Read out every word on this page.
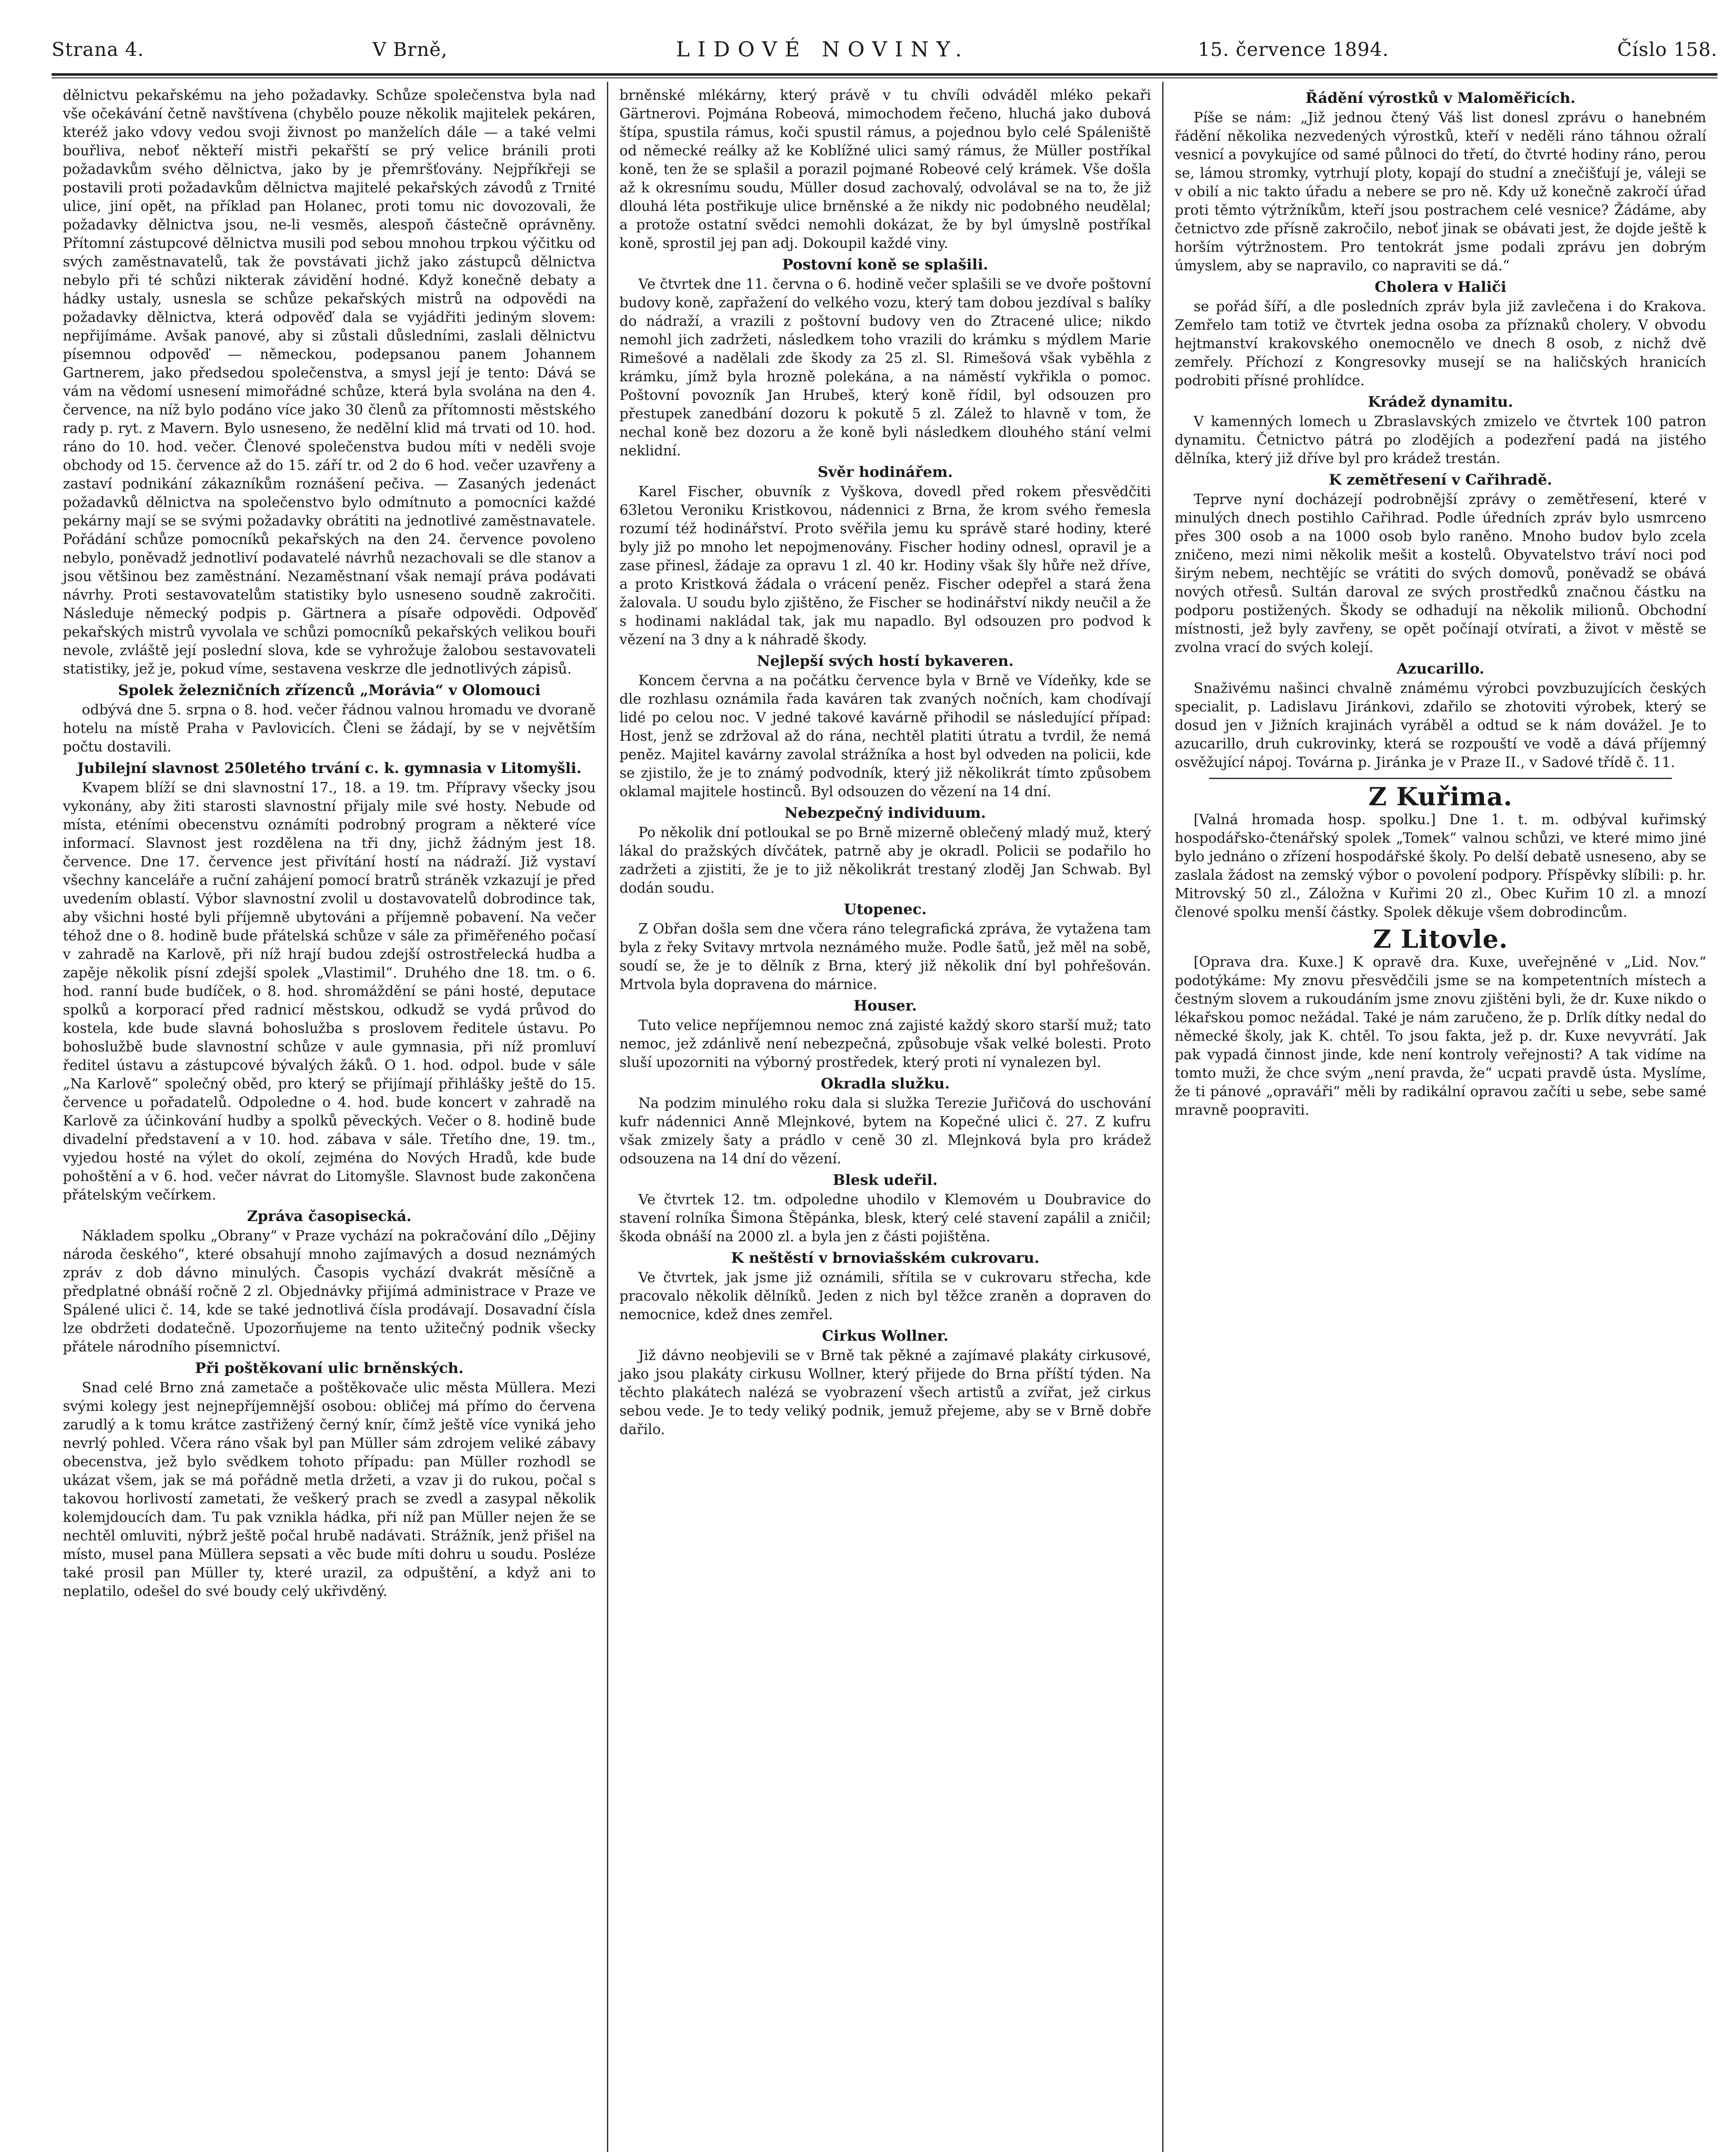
Strana 4.	V Brně,	LIDOVÉ NOVINY.	15. července 1894.	Číslo 158.

dělnictvu pekařskému na jeho požadavky. Schůze společenstva byla nad vše očekávání četně navštívena (chybělo pouze několik majitelek pekáren, kteréž jako vdovy vedou svoji živnost po manželích dále — a také velmi bouřliva, neboť někteří mistři pekařští se prý velice bránili proti požadavkům svého dělnictva, jako by je přemršťovány. Nejpříkřeji se postavili proti požadavkům dělnictva majitelé pekařských závodů z Trnité ulice, jiní opět, na příklad pan Holanec, proti tomu nic dovozovali, že požadavky dělnictva jsou, ne-li vesměs, alespoň částečně oprávněny. Přítomní zástupcové dělnictva musili pod sebou mnohou trpkou výčitku od svých zaměstnavatelů, tak že povstávati jichž jako zástupců dělnictva nebylo při té schůzi nikterak závidění hodné. Když konečně debaty a hádky ustaly, usnesla se schůze pekařských mistrů na odpovědi na požadavky dělnictva, která odpověď dala se vyjádřiti jediným slovem: nepřijímáme. Avšak panové, aby si zůstali důsledními, zaslali dělnictvu písemnou odpověď — německou, podepsanou panem Johannem Gartnerem, jako předsedou společenstva, a smysl její je tento: Dává se vám na vědomí usnesení mimořádné schůze, která byla svolána na den 4. července, na níž bylo podáno více jako 30 členů za přítomnosti městského rady p. ryt. z Mavern. Bylo usneseno, že nedělní klid má trvati od 10. hod. ráno do 10. hod. večer. Členové společenstva budou míti v neděli svoje obchody od 15. července až do 15. září tr. od 2 do 6 hod. večer uzavřeny a zastaví podnikání zákazníkům roznášení pečiva. — Zasaných jedenáct požadavků dělnictva na společenstvo bylo odmítnuto a pomocníci každé pekárny mají se se svými požadavky obrátiti na jednotlivé zaměstnavatele. Pořádání schůze pomocníků pekařských na den 24. července povoleno nebylo, poněvadž jednotliví podavatelé návrhů nezachovali se dle stanov a jsou většinou bez zaměstnání. Nezaměstnaní však nemají práva podávati návrhy. Proti sestavovatelům statistiky bylo usneseno soudně zakročiti. Následuje německý podpis p. Gärtnera a písaře odpovědi. Odpověď pekařských mistrů vyvolala ve schůzi pomocníků pekařských velikou bouři nevole, zvláště její poslední slova, kde se vyhrožuje žalobou sestavovateli statistiky, jež je, pokud víme, sestavena veskrze dle jednotlivých zápisů.

Spolek železničních zřízenců „Morávia“ v Olomouci

odbývá dne 5. srpna o 8. hod. večer řádnou valnou hromadu ve dvoraně hotelu na místě Praha v Pavlovicích. Členi se žádají, by se v největším počtu dostavili.

Jubilejní slavnost 250letého trvání c. k. gymnasia v Litomyšli.

Kvapem blíží se dni slavnostní 17., 18. a 19. tm. Přípravy všecky jsou vykonány, aby žiti starosti slavnostní přijaly mile své hosty. Nebude od místa, eténími obecenstvu oznámíti podrobný program a některé více informací. Slavnost jest rozdělena na tři dny, jichž žádným jest 18. července. Dne 17. července jest přivítání hostí na nádraží. Již vystaví všechny kanceláře a ruční zahájení pomocí bratrů stráněk vzkazují je před uvedením oblastí. Výbor slavnostní zvolil u dostavovatelů dobrodince tak, aby všichni hosté byli příjemně ubytováni a příjemně pobavení. Na večer téhož dne o 8. hodině bude přátelská schůze v sále za přiměřeného počasí v zahradě na Karlově, při níž hrají budou zdejší ostrostřelecká hudba a zapěje několik písní zdejší spolek „Vlastimil“. Druhého dne 18. tm. o 6. hod. ranní bude budíček, o 8. hod. shromáždění se páni hosté, deputace spolků a korporací před radnicí městskou, odkudž se vydá průvod do kostela, kde bude slavná bohoslužba s proslovem ředitele ústavu. Po bohoslužbě bude slavnostní schůze v aule gymnasia, při níž promluví ředitel ústavu a zástupcové bývalých žáků. O 1. hod. odpol. bude v sále „Na Karlově“ společný oběd, pro který se přijímají přihlášky ještě do 15. července u pořadatelů. Odpoledne o 4. hod. bude koncert v zahradě na Karlově za účinkování hudby a spolků pěveckých. Večer o 8. hodině bude divadelní představení a v 10. hod. zábava v sále. Třetího dne, 19. tm., vyjedou hosté na výlet do okolí, zejména do Nových Hradů, kde bude pohoštění a v 6. hod. večer návrat do Litomyšle. Slavnost bude zakončena přátelským večírkem.

Zpráva časopisecká.

Nákladem spolku „Obrany“ v Praze vychází na pokračování dílo „Dějiny národa českého“, které obsahují mnoho zajímavých a dosud neznámých zpráv z dob dávno minulých. Časopis vychází dvakrát měsíčně a předplatné obnáší ročně 2 zl. Objednávky přijímá administrace v Praze ve Spálené ulici č. 14, kde se také jednotlivá čísla prodávají. Dosavadní čísla lze obdržeti dodatečně. Upozorňujeme na tento užitečný podnik všecky přátele národního písemnictví.

Při poštěkovaní ulic brněnských.

Snad celé Brno zná zametače a poštěkovače ulic města Müllera. Mezi svými kolegy jest nejnepříjemnější osobou: obličej má přímo do červena zarudlý a k tomu krátce zastřižený černý knír, čímž ještě více vyniká jeho nevrlý pohled. Včera ráno však byl pan Müller sám zdrojem veliké zábavy obecenstva, jež bylo svědkem tohoto případu: pan Müller rozhodl se ukázat všem, jak se má pořádně metla držeti, a vzav ji do rukou, počal s takovou horlivostí zametati, že veškerý prach se zvedl a zasypal několik kolemjdoucích dam. Tu pak vznikla hádka, při níž pan Müller nejen že se nechtěl omluviti, nýbrž ještě počal hrubě nadávati. Strážník, jenž přišel na místo, musel pana Müllera sepsati a věc bude míti dohru u soudu. Posléze také prosil pan Müller ty, které urazil, za odpuštění, a když ani to neplatilo, odešel do své boudy celý ukřivděný.

brněnské mlékárny, který právě v tu chvíli odváděl mléko pekaři Gärtnerovi. Pojmána Robeová, mimochodem řečeno, hluchá jako dubová štípa, spustila rámus, koči spustil rámus, a pojednou bylo celé Spáleniště od německé reálky až ke Koblížné ulici samý rámus, že Müller postříkal koně, ten že se splašil a porazil pojmané Robeové celý krámek. Vše došla až k okresnímu soudu, Müller dosud zachovalý, odvolával se na to, že již dlouhá léta postřikuje ulice brněnské a že nikdy nic podobného neudělal; a protože ostatní svědci nemohli dokázat, že by byl úmyslně postříkal koně, sprostil jej pan adj. Dokoupil každé viny.

Postovní koně se splašili.

Ve čtvrtek dne 11. června o 6. hodině večer splašili se ve dvoře poštovní budovy koně, zapřažení do velkého vozu, který tam dobou jezdíval s balíky do nádraží, a vrazili z poštovní budovy ven do Ztracené ulice; nikdo nemohl jich zadržeti, následkem toho vrazili do krámku s mýdlem Marie Rimešové a nadělali zde škody za 25 zl. Sl. Rimešová však vyběhla z krámku, jímž byla hrozně polekána, a na náměstí vykřikla o pomoc. Poštovní povozník Jan Hrubeš, který koně řídil, byl odsouzen pro přestupek zanedbání dozoru k pokutě 5 zl. Zálež to hlavně v tom, že nechal koně bez dozoru a že koně byli následkem dlouhého stání velmi neklidní.

Svěr hodinářem.

Karel Fischer, obuvník z Vyškova, dovedl před rokem přesvědčiti 63letou Veroniku Kristkovou, nádennici z Brna, že krom svého řemesla rozumí též hodinářství. Proto svěřila jemu ku správě staré hodiny, které byly již po mnoho let nepojmenovány. Fischer hodiny odnesl, opravil je a zase přinesl, žádaje za opravu 1 zl. 40 kr. Hodiny však šly hůře než dříve, a proto Kristková žádala o vrácení peněz. Fischer odepřel a stará žena žalovala. U soudu bylo zjištěno, že Fischer se hodinářství nikdy neučil a že s hodinami nakládal tak, jak mu napadlo. Byl odsouzen pro podvod k vězení na 3 dny a k náhradě škody.

Nejlepší svých hostí bykaveren.

Koncem června a na počátku července byla v Brně ve Vídeňky, kde se dle rozhlasu oznámila řada kaváren tak zvaných nočních, kam chodívají lidé po celou noc. V jedné takové kavárně přihodil se následující případ: Host, jenž se zdržoval až do rána, nechtěl platiti útratu a tvrdil, že nemá peněz. Majitel kavárny zavolal strážníka a host byl odveden na policii, kde se zjistilo, že je to známý podvodník, který již několikrát tímto způsobem oklamal majitele hostinců. Byl odsouzen do vězení na 14 dní.

Nebezpečný individuum.

Po několik dní potloukal se po Brně mizerně oblečený mladý muž, který lákal do pražských dívčátek, patrně aby je okradl. Policii se podařilo ho zadržeti a zjistiti, že je to již několikrát trestaný zloděj Jan Schwab. Byl dodán soudu.

Utopenec.

Z Obřan došla sem dne včera ráno telegrafická zpráva, že vytažena tam byla z řeky Svitavy mrtvola neznámého muže. Podle šatů, jež měl na sobě, soudí se, že je to dělník z Brna, který již několik dní byl pohřešován. Mrtvola byla dopravena do márnice.

Houser.

Tuto velice nepříjemnou nemoc zná zajisté každý skoro starší muž; tato nemoc, jež zdánlivě není nebezpečná, způsobuje však velké bolesti. Proto sluší upozorniti na výborný prostředek, který proti ní vynalezen byl.

Okradla služku.

Na podzim minulého roku dala si služka Terezie Juřičová do uschování kufr nádennici Anně Mlejnkové, bytem na Kopečné ulici č. 27. Z kufru však zmizely šaty a prádlo v ceně 30 zl. Mlejnková byla pro krádež odsouzena na 14 dní do vězení.

Blesk udeřil.

Ve čtvrtek 12. tm. odpoledne uhodilo v Klemovém u Doubravice do stavení rolníka Šimona Štěpánka, blesk, který celé stavení zapálil a zničil; škoda obnáší na 2000 zl. a byla jen z části pojištěna.

K neštěstí v brnoviašském cukrovaru.

Ve čtvrtek, jak jsme již oznámili, sřítila se v cukrovaru střecha, kde pracovalo několik dělníků. Jeden z nich byl těžce zraněn a dopraven do nemocnice, kdež dnes zemřel.

Cirkus Wollner.

Již dávno neobjevili se v Brně tak pěkné a zajímavé plakáty cirkusové, jako jsou plakáty cirkusu Wollner, který přijede do Brna příští týden. Na těchto plakátech nalézá se vyobrazení všech artistů a zvířat, jež cirkus sebou vede. Je to tedy veliký podnik, jemuž přejeme, aby se v Brně dobře dařilo.

Řádění výrostků v Maloměřicích.

Píše se nám: „Již jednou čtený Váš list donesl zprávu o hanebném řádění několika nezvedených výrostků, kteří v neděli ráno táhnou ožralí vesnicí a povykujíce od samé půlnoci do třetí, do čtvrté hodiny ráno, perou se, lámou stromky, vytrhují ploty, kopají do studní a znečišťují je, váleji se v obilí a nic takto úřadu a nebere se pro ně. Kdy už konečně zakročí úřad proti těmto výtržníkům, kteří jsou postrachem celé vesnice? Žádáme, aby četnictvo zde přísně zakročilo, neboť jinak se obávati jest, že dojde ještě k horším výtržnostem. Pro tentokrát jsme podali zprávu jen dobrým úmyslem, aby se napravilo, co napraviti se dá.“

Cholera v Haliči

se pořád šíří, a dle posledních zpráv byla již zavlečena i do Krakova. Zemřelo tam totiž ve čtvrtek jedna osoba za příznaků cholery. V obvodu hejtmanství krakovského onemocnělo ve dnech 8 osob, z nichž dvě zemřely. Příchozí z Kongresovky musejí se na haličských hranicích podrobiti přísné prohlídce.

Krádež dynamitu.

V kamenných lomech u Zbraslavských zmizelo ve čtvrtek 100 patron dynamitu. Četnictvo pátrá po zlodějích a podezření padá na jistého dělníka, který již dříve byl pro krádež trestán.

K zemětřesení v Cařihradě.

Teprve nyní docházejí podrobnější zprávy o zemětřesení, které v minulých dnech postihlo Cařihrad. Podle úředních zpráv bylo usmrceno přes 300 osob a na 1000 osob bylo raněno. Mnoho budov bylo zcela zničeno, mezi nimi několik mešit a kostelů. Obyvatelstvo tráví noci pod širým nebem, nechtějíc se vrátiti do svých domovů, poněvadž se obává nových otřesů. Sultán daroval ze svých prostředků značnou částku na podporu postižených. Škody se odhadují na několik milionů. Obchodní místnosti, jež byly zavřeny, se opět počínají otvírati, a život v městě se zvolna vrací do svých kolejí.

Azucarillo.

Snaživému našinci chvalně známému výrobci povzbuzujících českých specialit, p. Ladislavu Jiránkovi, zdařilo se zhotoviti výrobek, který se dosud jen v Jižních krajinách vyráběl a odtud se k nám dovážel. Je to azucarillo, druh cukrovinky, která se rozpouští ve vodě a dává příjemný osvěžující nápoj. Továrna p. Jiránka je v Praze II., v Sadové třídě č. 11.

Z Kuřima.

[Valná hromada hosp. spolku.] Dne 1. t. m. odbýval kuřimský hospodářsko-čtenářský spolek „Tomek“ valnou schůzi, ve které mimo jiné bylo jednáno o zřízení hospodářské školy. Po delší debatě usneseno, aby se zaslala žádost na zemský výbor o povolení podpory. Příspěvky slíbili: p. hr. Mitrovský 50 zl., Záložna v Kuřimi 20 zl., Obec Kuřim 10 zl. a mnozí členové spolku menší částky. Spolek děkuje všem dobrodincům.

Z Litovle.

[Oprava dra. Kuxe.] K opravě dra. Kuxe, uveřejněné v „Lid. Nov.“ podotýkáme: My znovu přesvědčili jsme se na kompetentních místech a čestným slovem a rukoudáním jsme znovu zjištěni byli, že dr. Kuxe nikdo o lékařskou pomoc nežádal. Také je nám zaručeno, že p. Drlík dítky nedal do německé školy, jak K. chtěl. To jsou fakta, jež p. dr. Kuxe nevyvrátí. Jak pak vypadá činnost jinde, kde není kontroly veřejnosti? A tak vidíme na tomto muži, že chce svým „není pravda, že“ ucpati pravdě ústa. Myslíme, že ti pánové „opraváři“ měli by radikální opravou začíti u sebe, sebe samé mravně poopraviti.
